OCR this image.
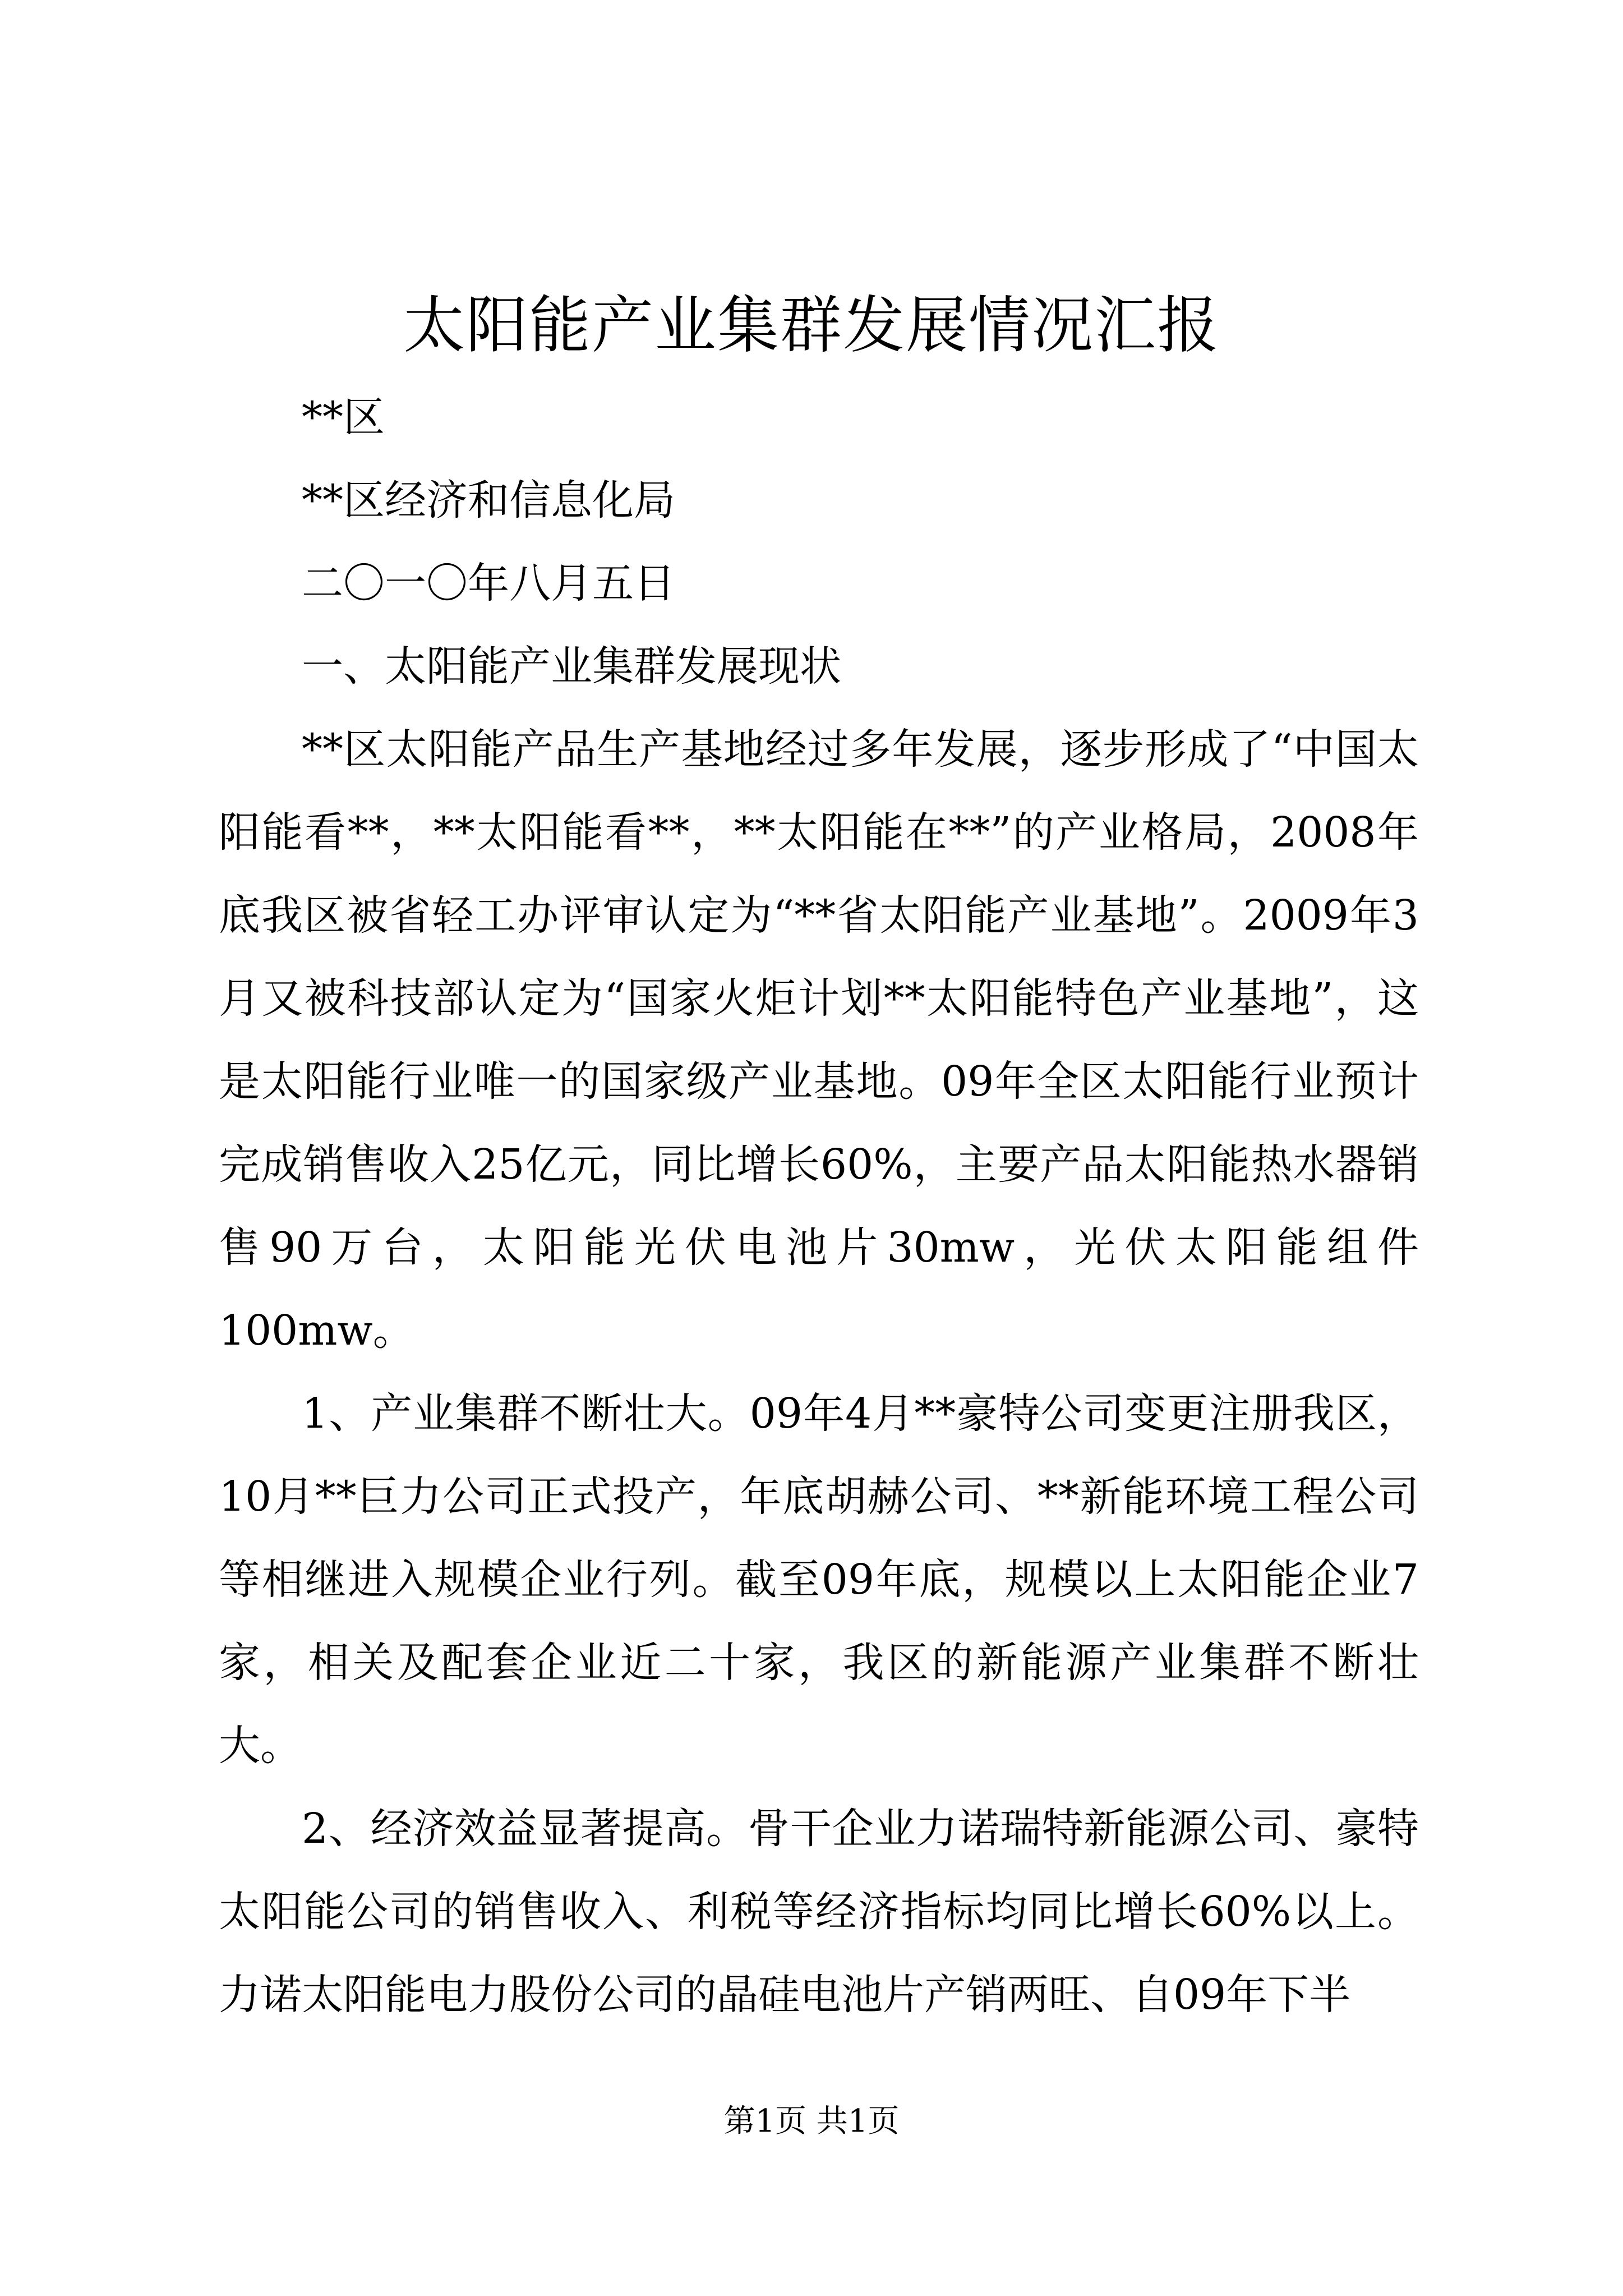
太阳能产业集群发展情况汇报

**区

**区经济和信息化局

二〇一〇年八月五日

一、太阳能产业集群发展现状

**区太阳能产品生产基地经过多年发展，逐步形成了“中国太阳能看**，**太阳能看**，**太阳能在**”的产业格局，2008年底我区被省轻工办评审认定为“**省太阳能产业基地”。2009年3月又被科技部认定为“国家火炬计划**太阳能特色产业基地”，这是太阳能行业唯一的国家级产业基地。09年全区太阳能行业预计完成销售收入25亿元，同比增长60%，主要产品太阳能热水器销售90万台，太阳能光伏电池片30mw，光伏太阳能组件100mw。

1、产业集群不断壮大。09年4月**豪特公司变更注册我区，10月**巨力公司正式投产，年底胡赫公司、**新能环境工程公司等相继进入规模企业行列。截至09年底，规模以上太阳能企业7家，相关及配套企业近二十家，我区的新能源产业集群不断壮大。

2、经济效益显著提高。骨干企业力诺瑞特新能源公司、豪特太阳能公司的销售收入、利税等经济指标均同比增长60%以上。力诺太阳能电力股份公司的晶硅电池片产销两旺、自09年下半

第1页 共1页
